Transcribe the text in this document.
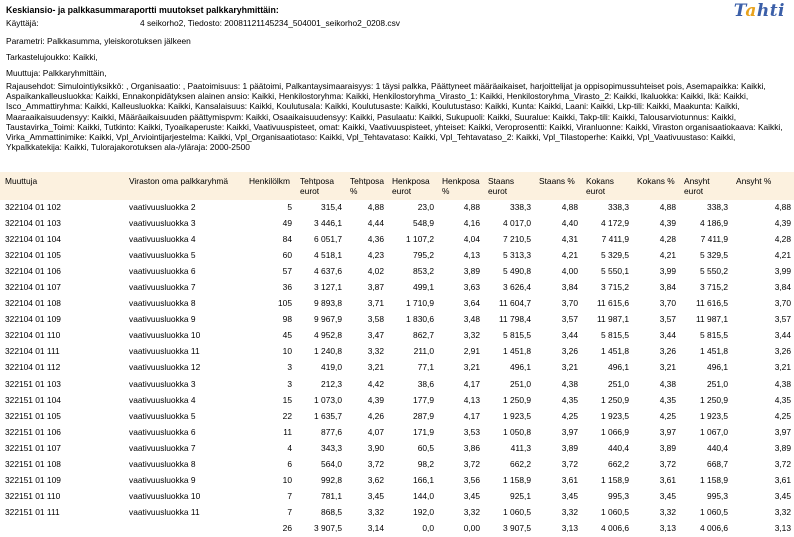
Keskiansio- ja palkkasummaraportti muutokset palkkaryhmittäin:
Käyttäjä:	4 seikorho2, Tiedosto: 20081121145234_504001_seikorho2_0208.csv
Parametri: Palkkasumma, yleiskorotuksen jälkeen
Tarkastelujoukko: Kaikki,
Muuttuja: Palkkaryhmittäin,
Rajausehdot: Simulointiyksikkö: , Organisaatio: , Paatoimisuus: 1 päätoimi, Palkantaysimaaraisyys: 1 täysi palkka, Päättyneet määräaikaiset, harjoittelijat ja oppisopimussuhteiset pois, Asemapaikka: Kaikki, Aspaikankalleusluokka: Kaikki, Ennakonpidätyksen alainen ansio: Kaikki, Henkilostoryhma: Kaikki, Henkilostoryhma_Virasto_1: Kaikki, Henkilostoryhma_Virasto_2: Kaikki, Ikaluokka: Kaikki, Ikä: Kaikki, Isco_Ammattiryhma: Kaikki, Kalleusluokka: Kaikki, Kansalaisuus: Kaikki, Koulutusala: Kaikki, Koulutusaste: Kaikki, Koulutustaso: Kaikki, Kunta: Kaikki, Laani: Kaikki, Lkp-tili: Kaikki, Maakunta: Kaikki, Maaraaikaisuudensyy: Kaikki, Määräaikaisuuden päättymispvm: Kaikki, Osaaikaisuudensyy: Kaikki, Pasulaatu: Kaikki, Sukupuoli: Kaikki, Suuralue: Kaikki, Takp-tili: Kaikki, Talousarviotunnus: Kaikki, Taustavirka_Toimi: Kaikki, Tutkinto: Kaikki, Tyoaikaperuste: Kaikki, Vaativuuspisteet, omat: Kaikki, Vaativuuspisteet, yhteiset: Kaikki, Veroprosentti: Kaikki, Viranluonne: Kaikki, Viraston organisaatiokaava: Kaikki, Virka_Ammattinimike: Kaikki, Vpl_Arviointijarjestelma: Kaikki, Vpl_Organisaatiotaso: Kaikki, Vpl_Tehtavataso: Kaikki, Vpl_Tehtavataso_2: Kaikki, Vpl_Tilastoperhe: Kaikki, Vpl_Vaativuustaso: Kaikki, Ykpalkkatekija: Kaikki, Tulorajakorotuksen ala-/yläraja: 2000-2500
Tahti
Muuttuja	Viraston oma palkkaryhmä	Henkilölkm	Tehtposa eurot	Tehtposa %	Henkposa eurot	Henkposa %	Staans eurot	Staans %	Kokans eurot	Kokans %	Ansyht eurot	Ansyht %
322104 01 102	vaativuusluokka 2	5	315,4	4,88	23,0	4,88	338,3	4,88	338,3	4,88	338,3	4,88
322104 01 103	vaativuusluokka 3	49	3 446,1	4,44	548,9	4,16	4 017,0	4,40	4 172,9	4,39	4 186,9	4,39
322104 01 104	vaativuusluokka 4	84	6 051,7	4,36	1 107,2	4,04	7 210,5	4,31	7 411,9	4,28	7 411,9	4,28
322104 01 105	vaativuusluokka 5	60	4 518,1	4,23	795,2	4,13	5 313,3	4,21	5 329,5	4,21	5 329,5	4,21
322104 01 106	vaativuusluokka 6	57	4 637,6	4,02	853,2	3,89	5 490,8	4,00	5 550,1	3,99	5 550,2	3,99
322104 01 107	vaativuusluokka 7	36	3 127,1	3,87	499,1	3,63	3 626,4	3,84	3 715,2	3,84	3 715,2	3,84
322104 01 108	vaativuusluokka 8	105	9 893,8	3,71	1 710,9	3,64	11 604,7	3,70	11 615,6	3,70	11 616,5	3,70
322104 01 109	vaativuusluokka 9	98	9 967,9	3,58	1 830,6	3,48	11 798,4	3,57	11 987,1	3,57	11 987,1	3,57
322104 01 110	vaativuusluokka 10	45	4 952,8	3,47	862,7	3,32	5 815,5	3,44	5 815,5	3,44	5 815,5	3,44
322104 01 111	vaativuusluokka 11	10	1 240,8	3,32	211,0	2,91	1 451,8	3,26	1 451,8	3,26	1 451,8	3,26
322104 01 112	vaativuusluokka 12	3	419,0	3,21	77,1	3,21	496,1	3,21	496,1	3,21	496,1	3,21
322151 01 103	vaativuusluokka 3	3	212,3	4,42	38,6	4,17	251,0	4,38	251,0	4,38	251,0	4,38
322151 01 104	vaativuusluokka 4	15	1 073,0	4,39	177,9	4,13	1 250,9	4,35	1 250,9	4,35	1 250,9	4,35
322151 01 105	vaativuusluokka 5	22	1 635,7	4,26	287,9	4,17	1 923,5	4,25	1 923,5	4,25	1 923,5	4,25
322151 01 106	vaativuusluokka 6	11	877,6	4,07	171,9	3,53	1 050,8	3,97	1 066,9	3,97	1 067,0	3,97
322151 01 107	vaativuusluokka 7	4	343,3	3,90	60,5	3,86	411,3	3,89	440,4	3,89	440,4	3,89
322151 01 108	vaativuusluokka 8	6	564,0	3,72	98,2	3,72	662,2	3,72	662,2	3,72	668,7	3,72
322151 01 109	vaativuusluokka 9	10	992,8	3,62	166,1	3,56	1 158,9	3,61	1 158,9	3,61	1 158,9	3,61
322151 01 110	vaativuusluokka 10	7	781,1	3,45	144,0	3,45	925,1	3,45	995,3	3,45	995,3	3,45
322151 01 111	vaativuusluokka 11	7	868,5	3,32	192,0	3,32	1 060,5	3,32	1 060,5	3,32	1 060,5	3,32
		26	3 907,5	3,14	0,0	0,00	3 907,5	3,13	4 006,6	3,13	4 006,6	3,13
